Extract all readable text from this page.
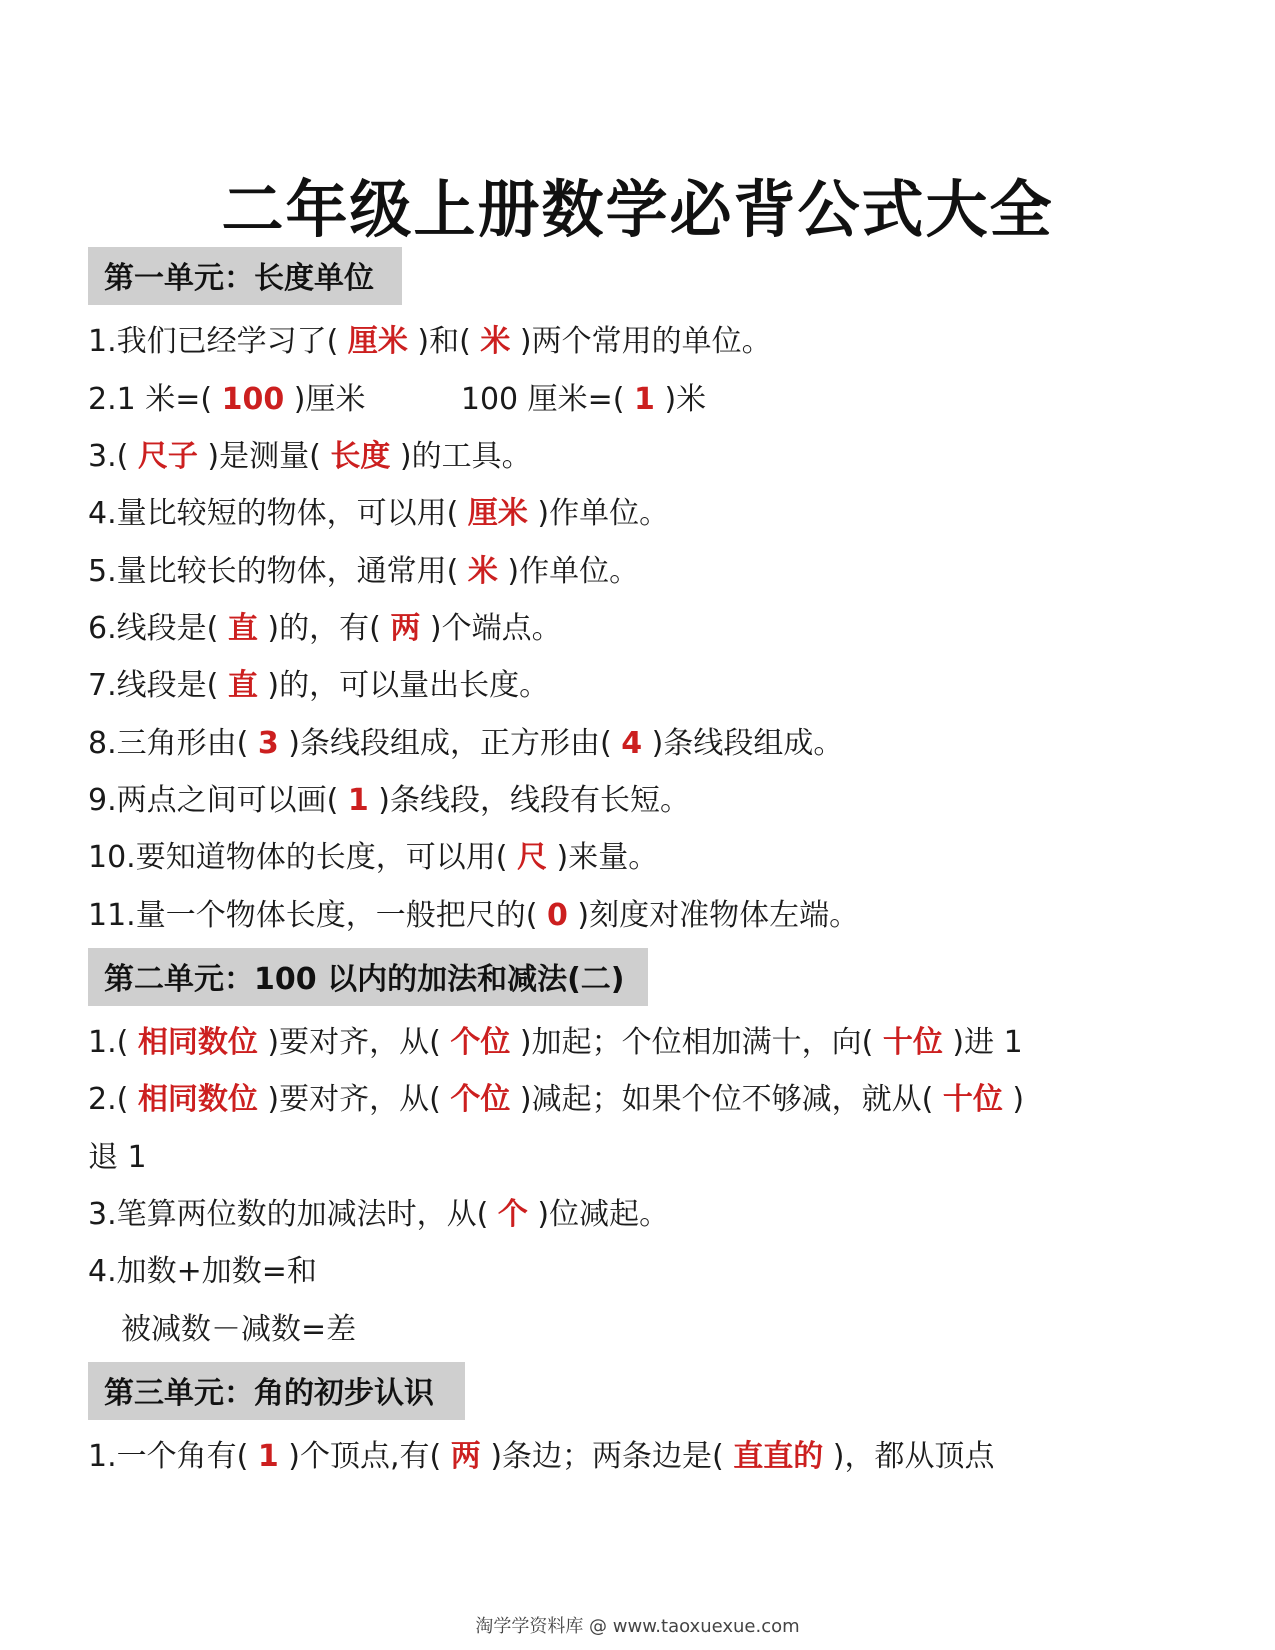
二年级上册数学必背公式大全
第一单元：长度单位
1.我们已经学习了( 厘米 )和( 米 )两个常用的单位。
2.1 米=( 100 )厘米          100 厘米=( 1 )米
3.( 尺子 )是测量( 长度 )的工具。
4.量比较短的物体，可以用( 厘米 )作单位。
5.量比较长的物体，通常用( 米 )作单位。
6.线段是( 直 )的，有( 两 )个端点。
7.线段是( 直 )的，可以量出长度。
8.三角形由( 3 )条线段组成，正方形由( 4 )条线段组成。
9.两点之间可以画( 1 )条线段，线段有长短。
10.要知道物体的长度，可以用( 尺 )来量。
11.量一个物体长度，一般把尺的( 0 )刻度对准物体左端。
第二单元：100 以内的加法和减法(二)
1.( 相同数位 )要对齐，从( 个位 )加起；个位相加满十，向( 十位 )进 1
2.( 相同数位 )要对齐，从( 个位 )减起；如果个位不够减，就从( 十位 )
退 1
3.笔算两位数的加减法时，从( 个 )位减起。
4.加数+加数=和
被减数－减数=差
第三单元：角的初步认识
1.一个角有( 1 )个顶点,有( 两 )条边；两条边是( 直直的 )，都从顶点
淘学学资料库 @ www.taoxuexue.com
